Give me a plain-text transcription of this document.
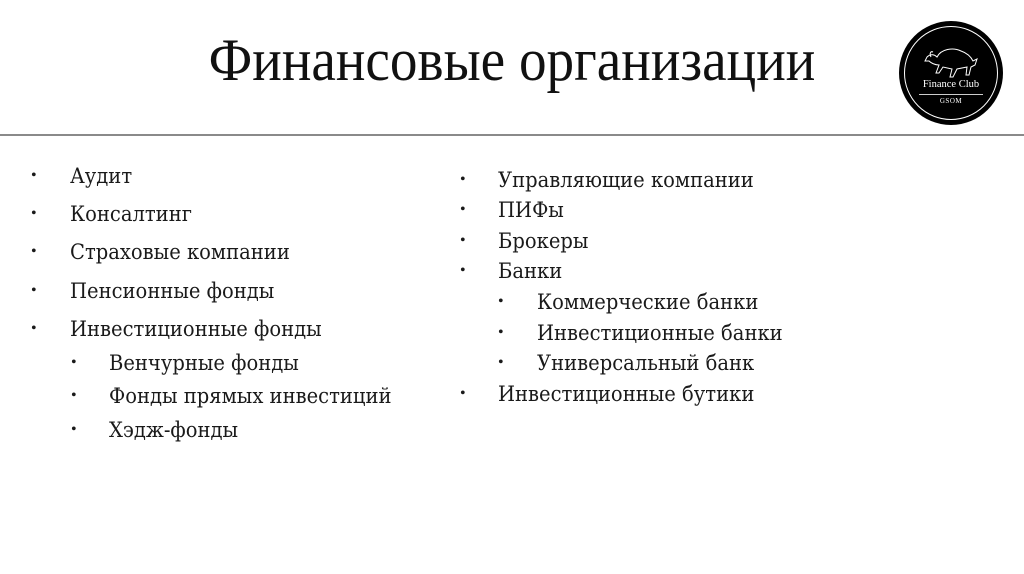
Финансовые организации	Finance Club
GSOM
• Аудит
• Консалтинг
• Страховые компании
• Пенсионные фонды
• Инвестиционные фонды
• Венчурные фонды
• Фонды прямых инвестиций
• Хэдж-фонды
• Управляющие компании
• ПИФы
• Брокеры
• Банки
• Коммерческие банки
• Инвестиционные банки
• Универсальный банк
• Инвестиционные бутики
